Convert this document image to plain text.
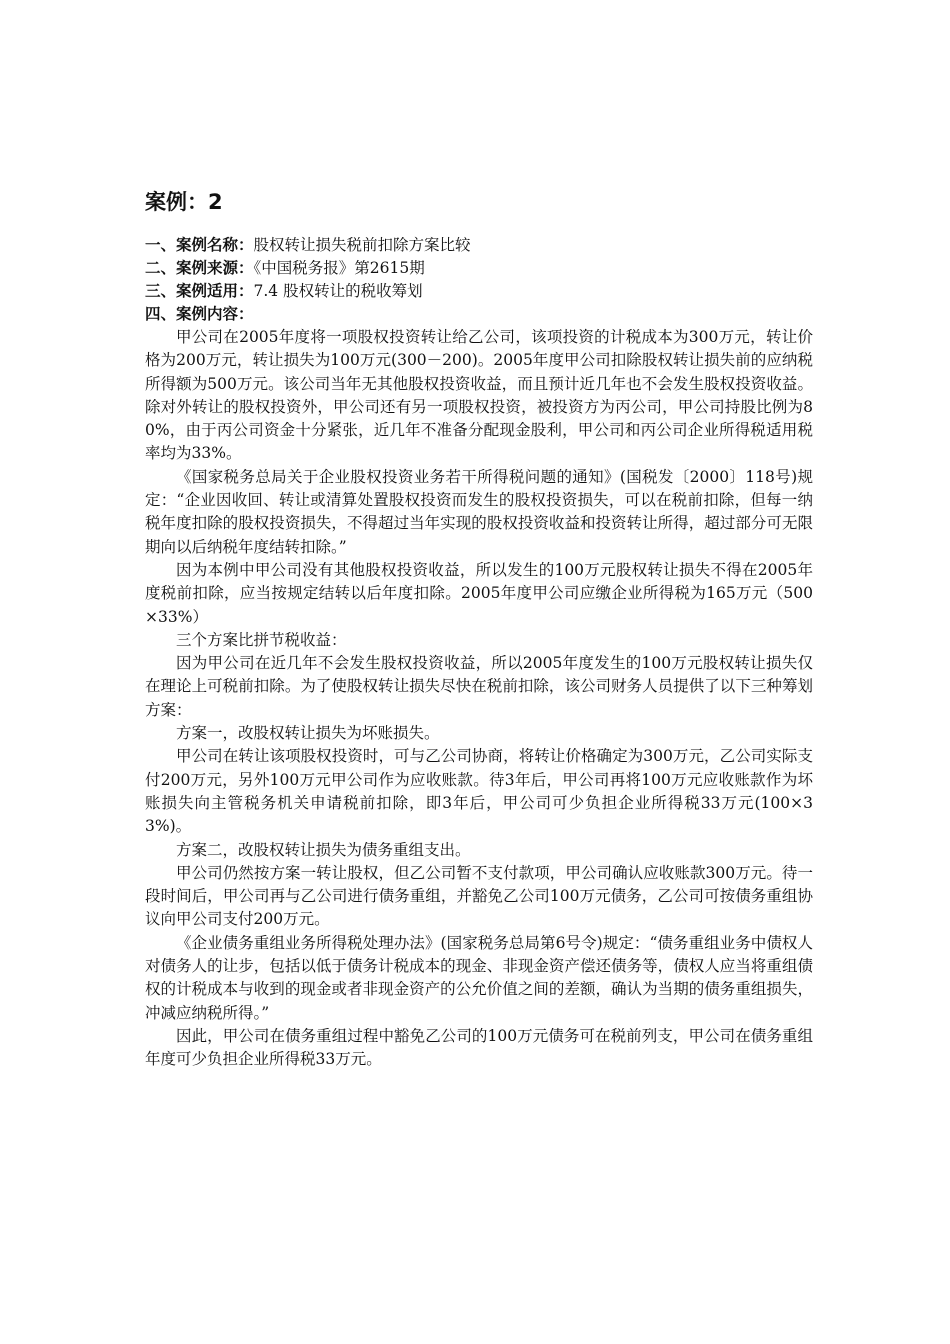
案例：2
一、案例名称：股权转让损失税前扣除方案比较
二、案例来源：《中国税务报》第2615期
三、案例适用：7.4 股权转让的税收筹划
四、案例内容：

甲公司在2005年度将一项股权投资转让给乙公司，该项投资的计税成本为300万元，转让价格为200万元，转让损失为100万元(300－200)。2005年度甲公司扣除股权转让损失前的应纳税所得额为500万元。该公司当年无其他股权投资收益，而且预计近几年也不会发生股权投资收益。除对外转让的股权投资外，甲公司还有另一项股权投资，被投资方为丙公司，甲公司持股比例为80%，由于丙公司资金十分紧张，近几年不准备分配现金股利，甲公司和丙公司企业所得税适用税率均为33%。

《国家税务总局关于企业股权投资业务若干所得税问题的通知》(国税发〔2000〕118号)规定：“企业因收回、转让或清算处置股权投资而发生的股权投资损失，可以在税前扣除，但每一纳税年度扣除的股权投资损失，不得超过当年实现的股权投资收益和投资转让所得，超过部分可无限期向以后纳税年度结转扣除。”

因为本例中甲公司没有其他股权投资收益，所以发生的100万元股权转让损失不得在2005年度税前扣除，应当按规定结转以后年度扣除。2005年度甲公司应缴企业所得税为165万元（500×33%）

三个方案比拼节税收益：

因为甲公司在近几年不会发生股权投资收益，所以2005年度发生的100万元股权转让损失仅在理论上可税前扣除。为了使股权转让损失尽快在税前扣除，该公司财务人员提供了以下三种筹划方案：

方案一，改股权转让损失为坏账损失。

甲公司在转让该项股权投资时，可与乙公司协商，将转让价格确定为300万元，乙公司实际支付200万元，另外100万元甲公司作为应收账款。待3年后，甲公司再将100万元应收账款作为坏账损失向主管税务机关申请税前扣除，即3年后，甲公司可少负担企业所得税33万元(100×33%)。

方案二，改股权转让损失为债务重组支出。

甲公司仍然按方案一转让股权，但乙公司暂不支付款项，甲公司确认应收账款300万元。待一段时间后，甲公司再与乙公司进行债务重组，并豁免乙公司100万元债务，乙公司可按债务重组协议向甲公司支付200万元。

《企业债务重组业务所得税处理办法》(国家税务总局第6号令)规定：“债务重组业务中债权人对债务人的让步，包括以低于债务计税成本的现金、非现金资产偿还债务等，债权人应当将重组债权的计税成本与收到的现金或者非现金资产的公允价值之间的差额，确认为当期的债务重组损失，冲减应纳税所得。”

因此，甲公司在债务重组过程中豁免乙公司的100万元债务可在税前列支，甲公司在债务重组年度可少负担企业所得税33万元。
